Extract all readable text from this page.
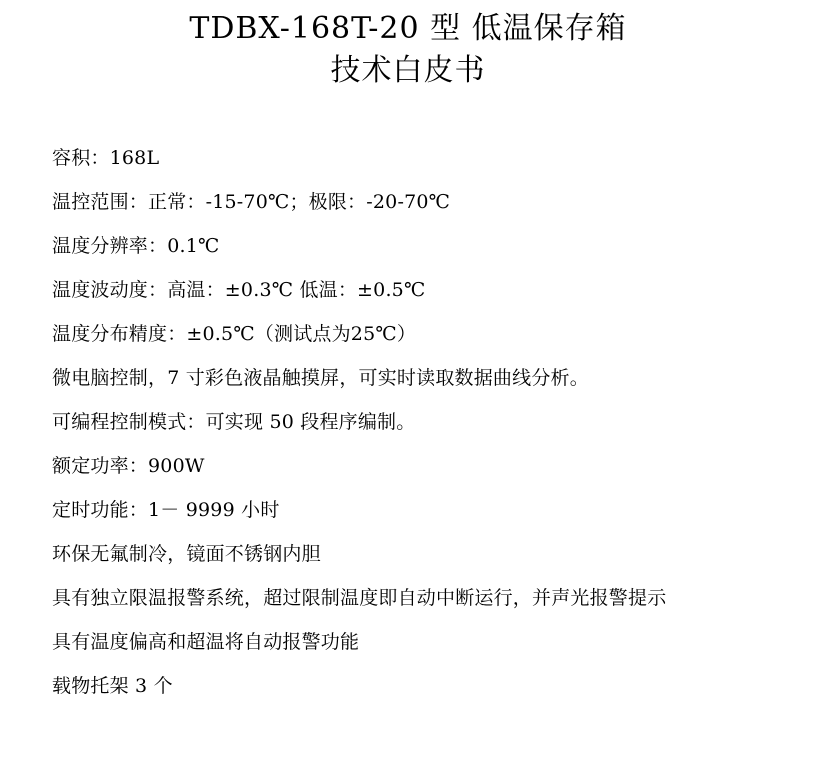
TDBX-168T-20 型 低温保存箱
技术白皮书
容积：168L
温控范围：正常：-15-70℃；极限：-20-70℃
温度分辨率：0.1℃
温度波动度：高温：±0.3℃ 低温：±0.5℃
温度分布精度：±0.5℃（测试点为25℃）
微电脑控制，7 寸彩色液晶触摸屏，可实时读取数据曲线分析。
可编程控制模式：可实现 50 段程序编制。
额定功率：900W
定时功能：1－ 9999 小时
环保无氟制冷，镜面不锈钢内胆
具有独立限温报警系统，超过限制温度即自动中断运行，并声光报警提示
具有温度偏高和超温将自动报警功能
载物托架 3 个
